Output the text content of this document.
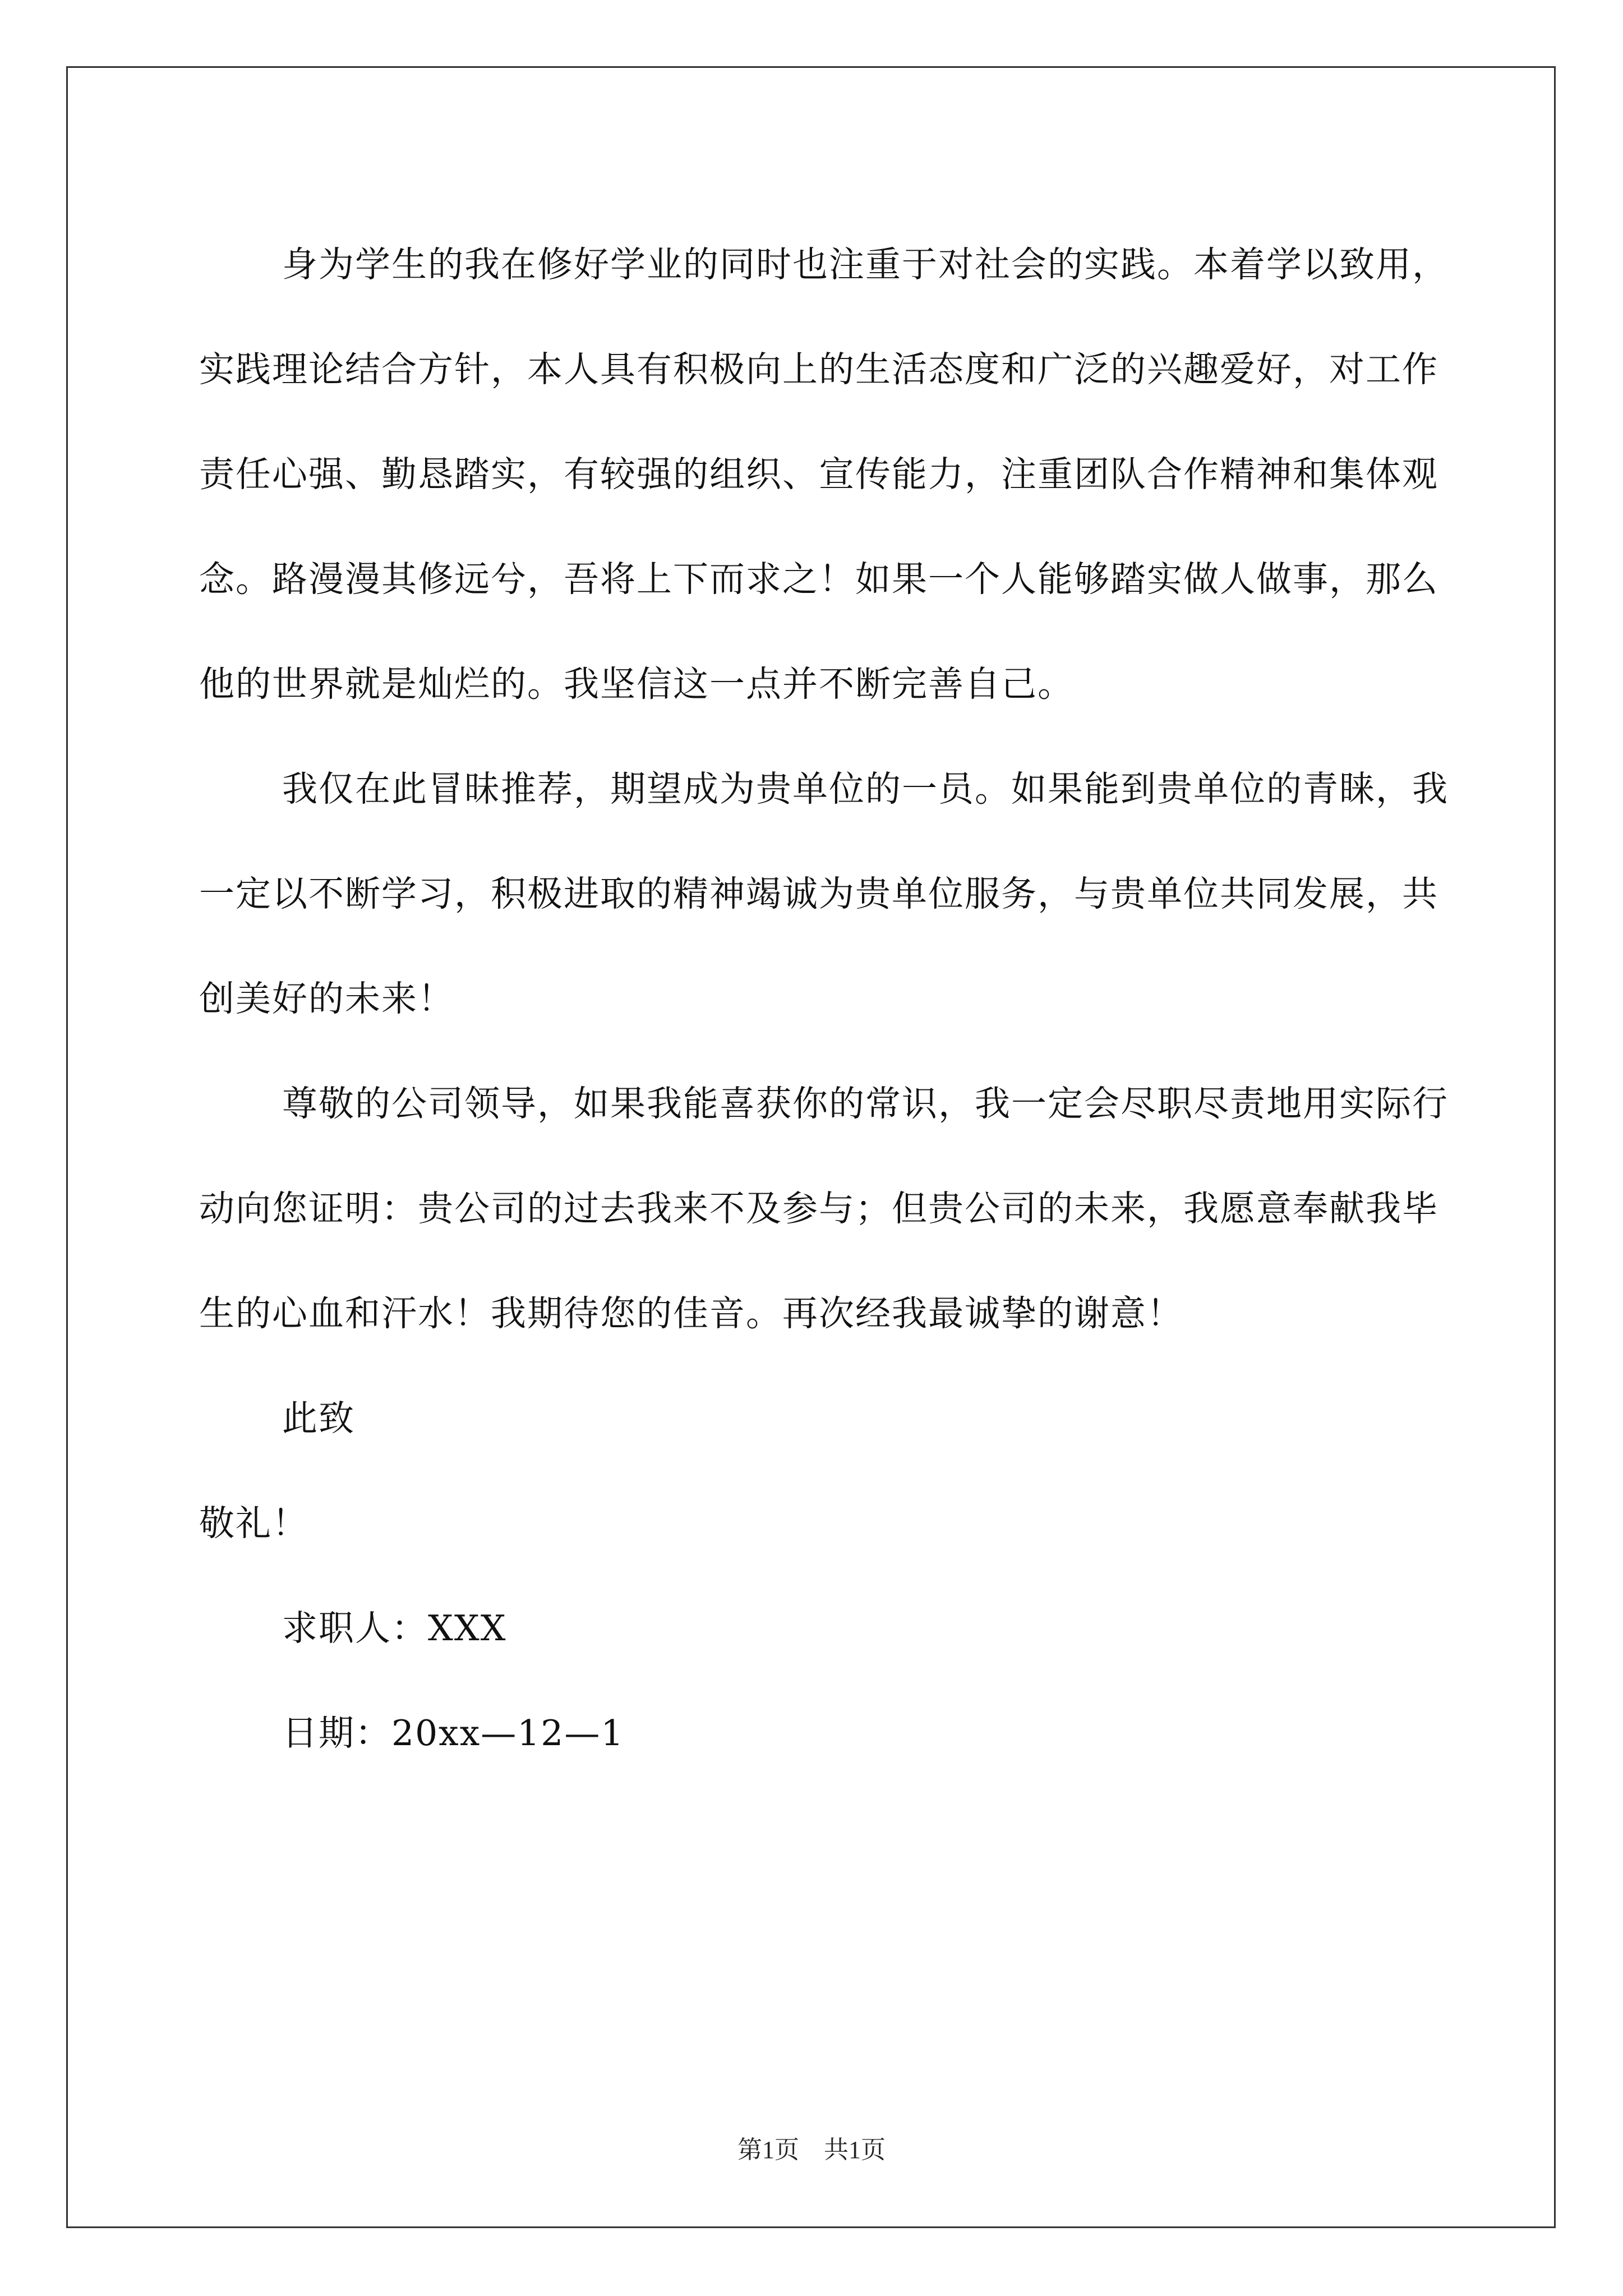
身为学生的我在修好学业的同时也注重于对社会的实践。本着学以致用，实践理论结合方针，本人具有积极向上的生活态度和广泛的兴趣爱好，对工作责任心强、勤恳踏实，有较强的组织、宣传能力，注重团队合作精神和集体观念。路漫漫其修远兮，吾将上下而求之！如果一个人能够踏实做人做事，那么他的世界就是灿烂的。我坚信这一点并不断完善自己。

我仅在此冒昧推荐，期望成为贵单位的一员。如果能到贵单位的青睐，我一定以不断学习，积极进取的精神竭诚为贵单位服务，与贵单位共同发展，共创美好的未来！

尊敬的公司领导，如果我能喜获你的常识，我一定会尽职尽责地用实际行动向您证明：贵公司的过去我来不及参与；但贵公司的未来，我愿意奉献我毕生的心血和汗水！我期待您的佳音。再次经我最诚挚的谢意！

此致

敬礼！

求职人：XXX

日期：20xx—12—1

第1页　共1页
